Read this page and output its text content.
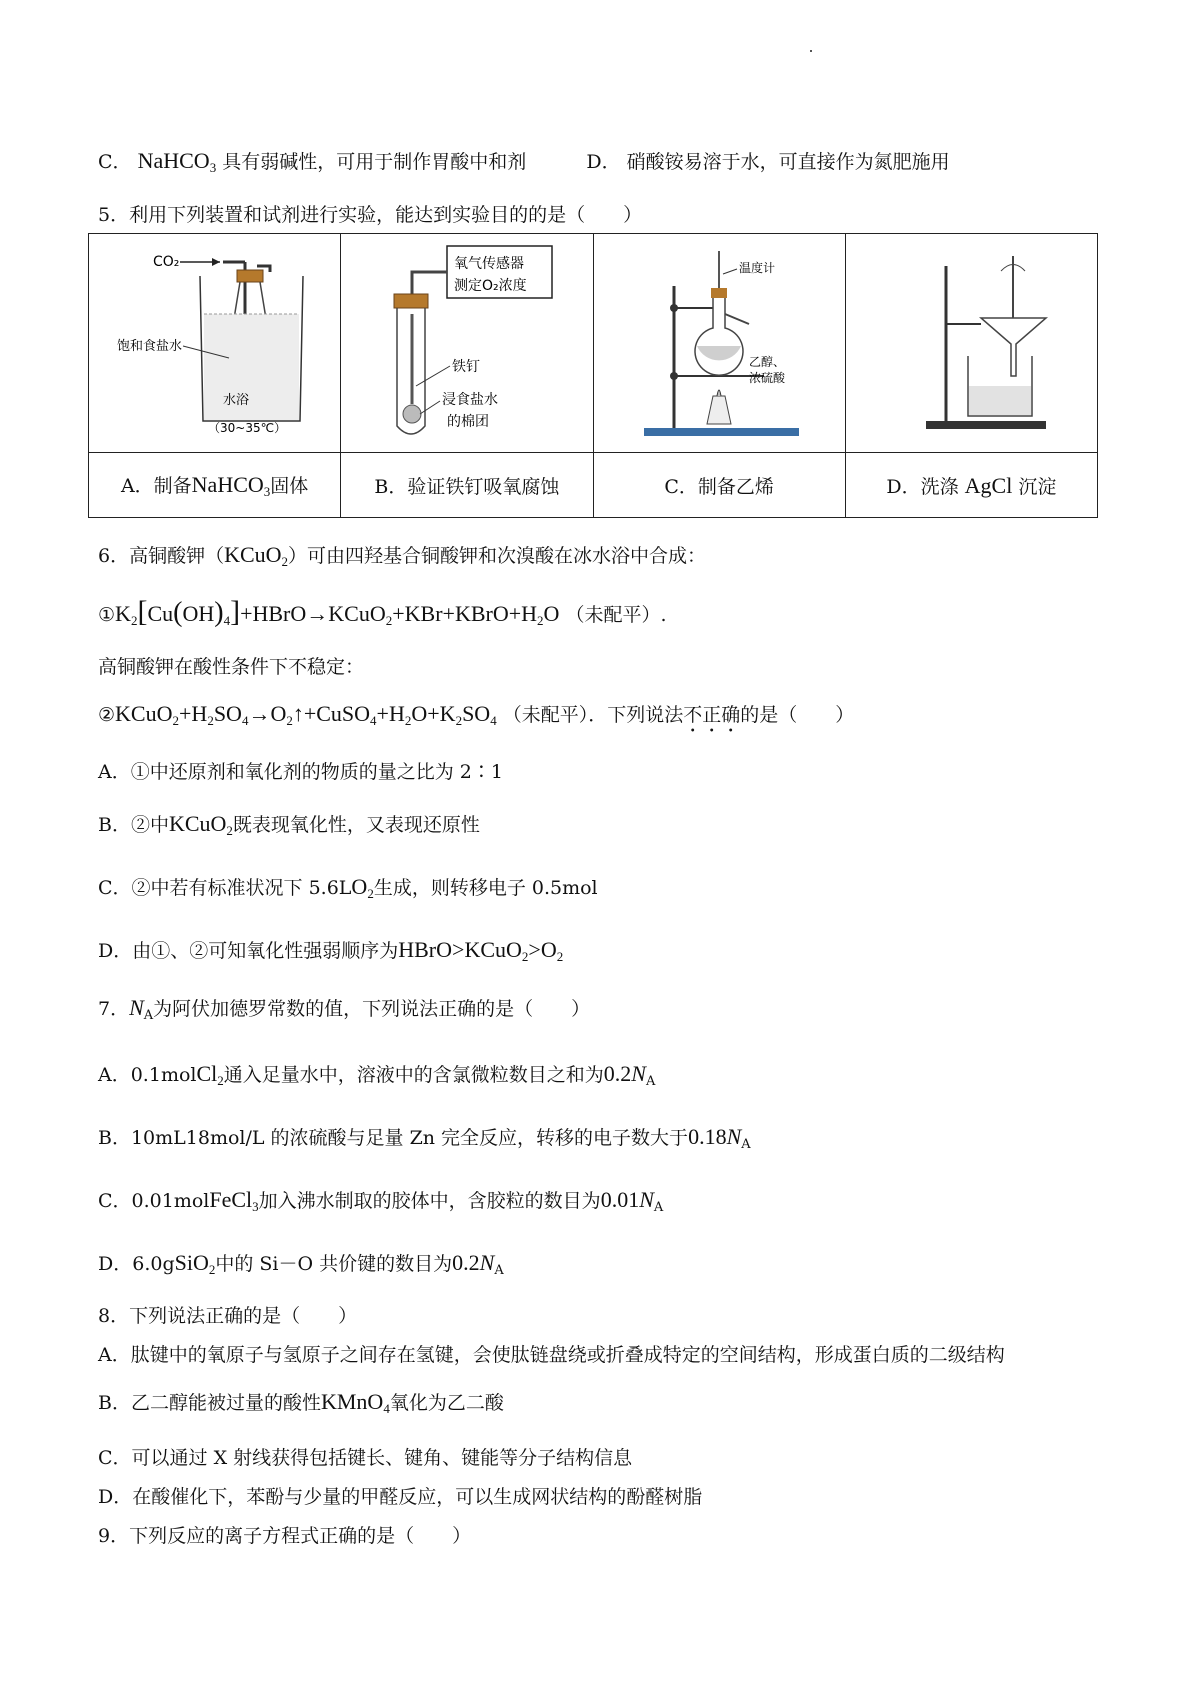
C． NaHCO$_3$ 具有弱碱性，可用于制作胃酸中和剂	D． 硝酸铵易溶于水，可直接作为氮肥施用
5．利用下列装置和试剂进行实验，能达到实验目的的是（　　）
CO₂
饱和食盐水
水浴
（30~35℃）	氧气传感器
测定O₂浓度
铁钉
浸食盐水
的棉团	温度计
乙醇、
浓硫酸

A．制备NaHCO$_3$固体	B．验证铁钉吸氧腐蚀	C．制备乙烯	D．洗涤 AgCl 沉淀
6．高铜酸钾（KCuO$_2$）可由四羟基合铜酸钾和次溴酸在冰水浴中合成：
$①K_2[Cu(OH)_4]+HBrO\to KCuO_2+KBr+KBrO+H_2O$ （未配平）.
高铜酸钾在酸性条件下不稳定：
$②KCuO_2+H_2SO_4\to O_2↑+CuSO_4+H_2O+K_2SO_4$ （未配平）．下列说法不正确的是（　　）
A．①中还原剂和氧化剂的物质的量之比为 2∶1
B．②中KCuO$_2$既表现氧化性，又表现还原性
C．②中若有标准状况下 $5.6LO_2$生成，则转移电子 0.5mol
D．由①、②可知氧化性强弱顺序为$HBrO>KCuO_2>O_2$
7．$N_A$为阿伏加德罗常数的值，下列说法正确的是（　　）
A．0.1molCl$_2$通入足量水中，溶液中的含氯微粒数目之和为$0.2N_A$
B．10mL18mol/L 的浓硫酸与足量 Zn 完全反应，转移的电子数大于$0.18N_A$
C．0.01molFeCl$_3$加入沸水制取的胶体中，含胶粒的数目为$0.01N_A$
D．6.0gSiO$_2$中的 Si－O 共价键的数目为$0.2N_A$
8．下列说法正确的是（　　）
A．肽键中的氧原子与氢原子之间存在氢键，会使肽链盘绕或折叠成特定的空间结构，形成蛋白质的二级结构
B．乙二醇能被过量的酸性KMnO$_4$氧化为乙二酸
C．可以通过 X 射线获得包括键长、键角、键能等分子结构信息
D．在酸催化下，苯酚与少量的甲醛反应，可以生成网状结构的酚醛树脂
9．下列反应的离子方程式正确的是（　　）
